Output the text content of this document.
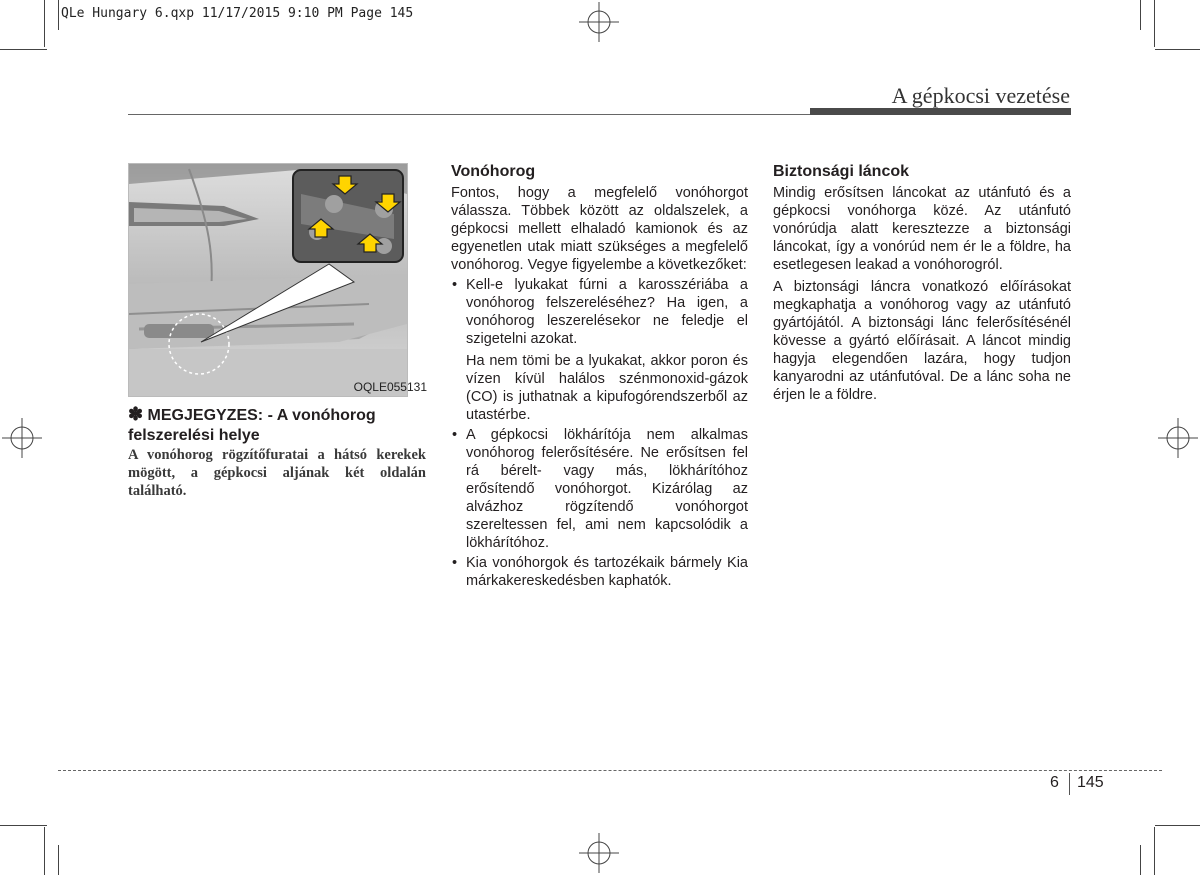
QLe Hungary 6.qxp 11/17/2015 9:10 PM Page 145
A gépkocsi vezetése
OQLE055131
✽ MEGJEGYZES: - A vonóhorog felszerelési helye
A vonóhorog rögzítőfuratai a hátsó kerekek mögött, a gépkocsi aljának két oldalán található.
Vonóhorog

Fontos, hogy a megfelelő vonóhorgot válassza. Többek között az oldalszelek, a gépkocsi mellett elhaladó kamionok és az egyenetlen utak miatt szükséges a megfelelő vonóhorog. Vegye figyelembe a következőket:

• Kell-e lyukakat fúrni a karosszériába a vonóhorog felszereléséhez? Ha igen, a vonóhorog leszerelésekor ne feledje el szigetelni azokat.

Ha nem tömi be a lyukakat, akkor poron és vízen kívül halálos szénmonoxid-gázok (CO) is juthatnak a kipufogórendszerből az utastérbe.

• A gépkocsi lökhárítója nem alkalmas vonóhorog felerősítésére. Ne erősítsen fel rá bérelt- vagy más, lökhárítóhoz erősítendő vonóhorgot. Kizárólag az alvázhoz rögzítendő vonóhorgot szereltessen fel, ami nem kapcsolódik a lökhárítóhoz.
• Kia vonóhorgok és tartozékaik bármely Kia márkakereskedésben kaphatók.
Biztonsági láncok

Mindig erősítsen láncokat az utánfutó és a gépkocsi vonóhorga közé. Az utánfutó vonórúdja alatt keresztezze a biztonsági láncokat, így a vonórúd nem ér le a földre, ha esetlegesen leakad a vonóhorogról.

A biztonsági láncra vonatkozó előírásokat megkaphatja a vonóhorog vagy az utánfutó gyártójától. A biztonsági lánc felerősítésénél kövesse a gyártó előírásait. A láncot mindig hagyja elegendően lazára, hogy tudjon kanyarodni az utánfutóval. De a lánc soha ne érjen le a földre.

6 145
